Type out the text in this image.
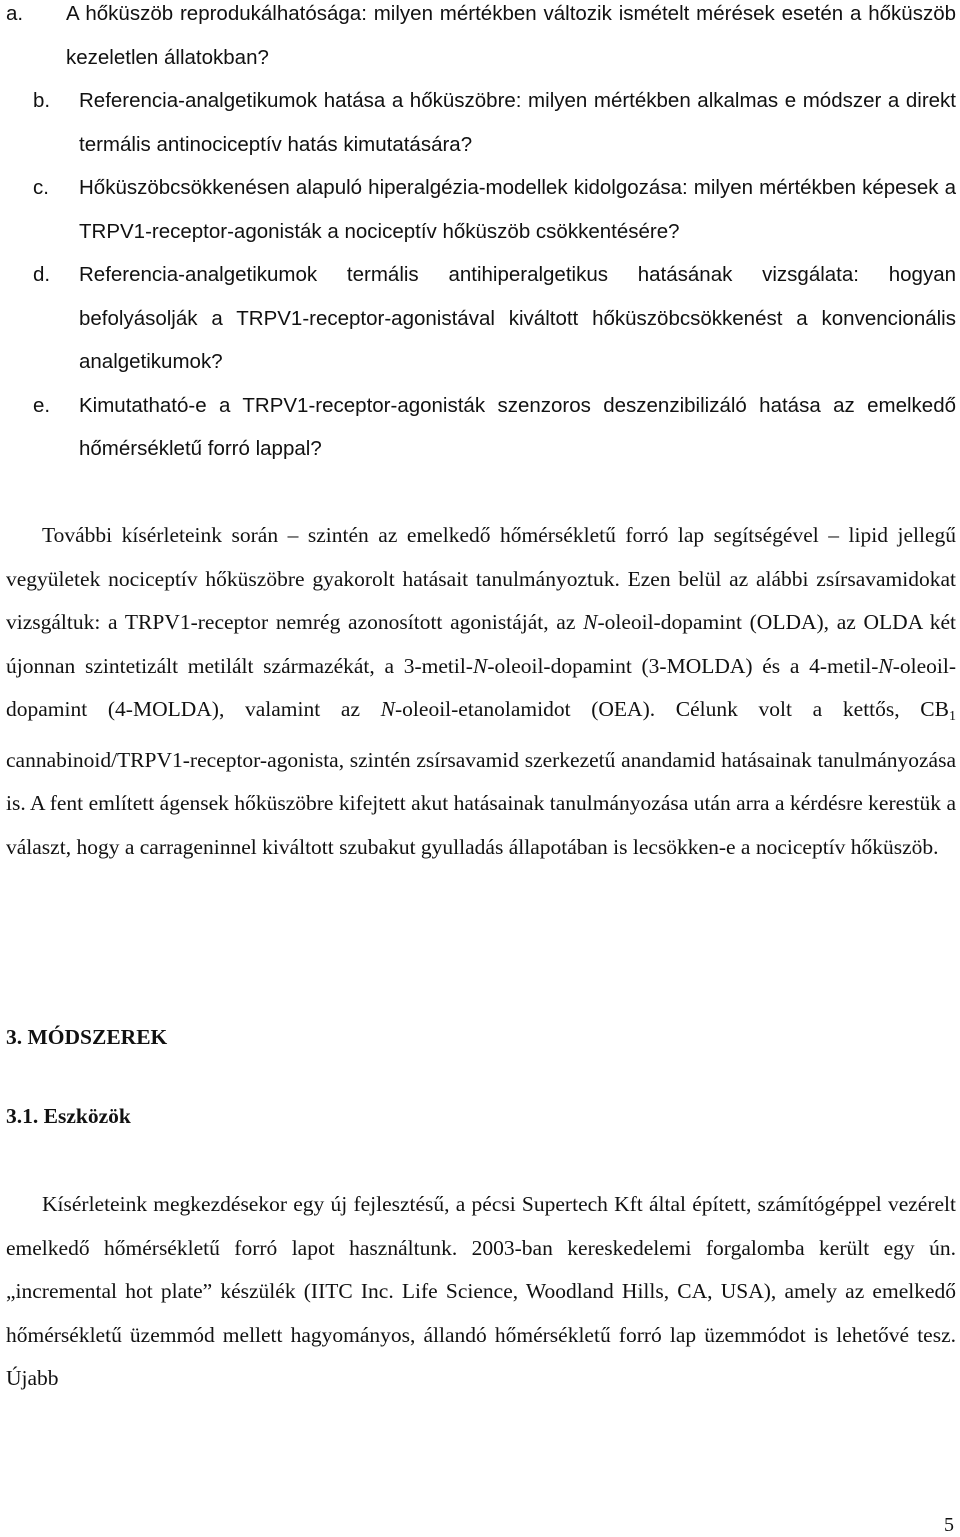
a. A hőküszöb reprodukálhatósága: milyen mértékben változik ismételt mérések esetén a hőküszöb kezeletlen állatokban?
b. Referencia-analgetikumok hatása a hőküszöbre: milyen mértékben alkalmas e módszer a direkt termális antinociceptív hatás kimutatására?
c. Hőküszöbcsökkenésen alapuló hiperalgézia-modellek kidolgozása: milyen mértékben képesek a TRPV1-receptor-agonisták a nociceptív hőküszöb csökkentésére?
d. Referencia-analgetikumok termális antihiperalgetikus hatásának vizsgálata: hogyan befolyásolják a TRPV1-receptor-agonistával kiváltott hőküszöbcsökkenést a konvencionális analgetikumok?
e. Kimutatható-e a TRPV1-receptor-agonisták szenzoros deszenzibilizáló hatása az emelkedő hőmérsékletű forró lappal?

További kísérleteink során – szintén az emelkedő hőmérsékletű forró lap segítségével – lipid jellegű vegyületek nociceptív hőküszöbre gyakorolt hatásait tanulmányoztuk. Ezen belül az alábbi zsírsavamidokat vizsgáltuk: a TRPV1-receptor nemrég azonosított agonistáját, az N-oleoil-dopamint (OLDA), az OLDA két újonnan szintetizált metilált származékát, a 3-metil-N-oleoil-dopamint (3-MOLDA) és a 4-metil-N-oleoil-dopamint (4-MOLDA), valamint az N-oleoil-etanolamidot (OEA). Célunk volt a kettős, $CB_1$ cannabinoid/TRPV1-receptor-agonista, szintén zsírsavamid szerkezetű anandamid hatásainak tanulmányozása is. A fent említett ágensek hőküszöbre kifejtett akut hatásainak tanulmányozása után arra a kérdésre kerestük a választ, hogy a carrageninnel kiváltott szubakut gyulladás állapotában is lecsökken-e a nociceptív hőküszöb.

3. MÓDSZEREK
3.1. Eszközök

Kísérleteink megkezdésekor egy új fejlesztésű, a pécsi Supertech Kft által épített, számítógéppel vezérelt emelkedő hőmérsékletű forró lapot használtunk. 2003-ban kereskedelemi forgalomba került egy ún. „incremental hot plate” készülék (IITC Inc. Life Science, Woodland Hills, CA, USA), amely az emelkedő hőmérsékletű üzemmód mellett hagyományos, állandó hőmérsékletű forró lap üzemmódot is lehetővé tesz. Újabb

5
